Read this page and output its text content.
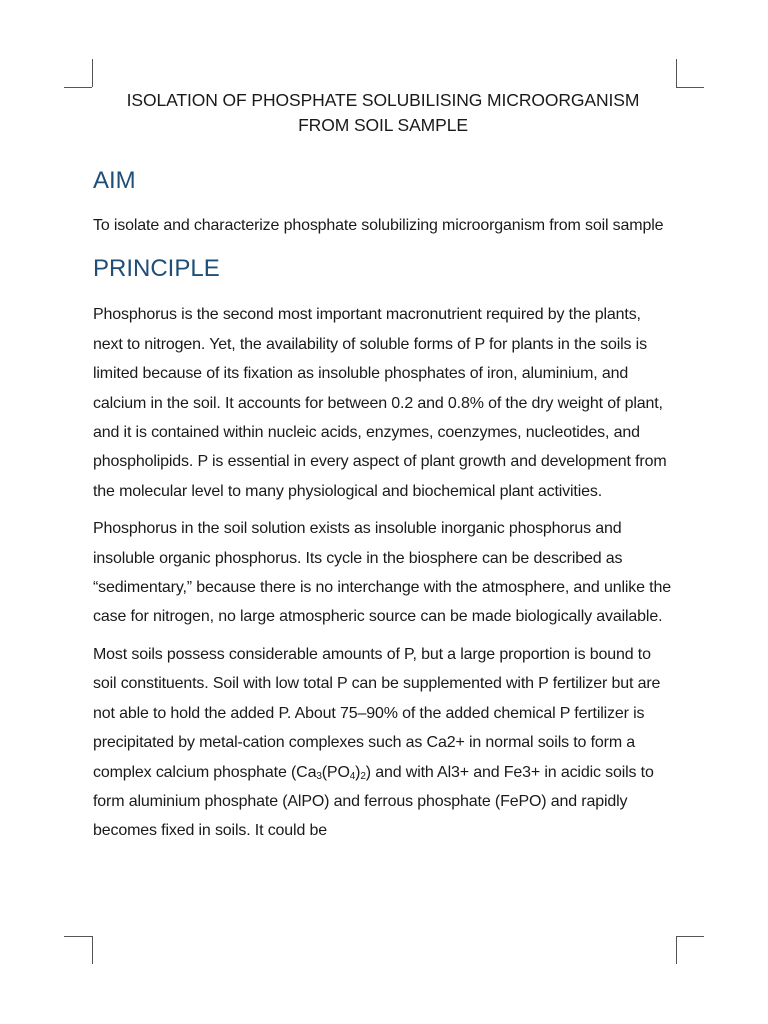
ISOLATION OF PHOSPHATE SOLUBILISING MICROORGANISM
FROM SOIL SAMPLE
AIM

To isolate and characterize phosphate solubilizing microorganism from soil sample

PRINCIPLE

Phosphorus is the second most important macronutrient required by the plants, next to nitrogen. Yet, the availability of soluble forms of P for plants in the soils is limited because of its fixation as insoluble phosphates of iron, aluminium, and calcium in the soil. It accounts for between 0.2 and 0.8% of the dry weight of plant, and it is contained within nucleic acids, enzymes, coenzymes, nucleotides, and phospholipids. P is essential in every aspect of plant growth and development from the molecular level to many physiological and biochemical plant activities.

Phosphorus in the soil solution exists as insoluble inorganic phosphorus and insoluble organic phosphorus. Its cycle in the biosphere can be described as “sedimentary,” because there is no interchange with the atmosphere, and unlike the case for nitrogen, no large atmospheric source can be made biologically available.

Most soils possess considerable amounts of P, but a large proportion is bound to soil constituents. Soil with low total P can be supplemented with P fertilizer but are not able to hold the added P. About 75–90% of the added chemical P fertilizer is precipitated by metal-cation complexes such as Ca2+ in normal soils to form a complex calcium phosphate $(Ca_3(PO_4)_2)$ and with Al3+ and Fe3+ in acidic soils to form aluminium phosphate (AlPO) and ferrous phosphate (FePO) and rapidly becomes fixed in soils. It could be
